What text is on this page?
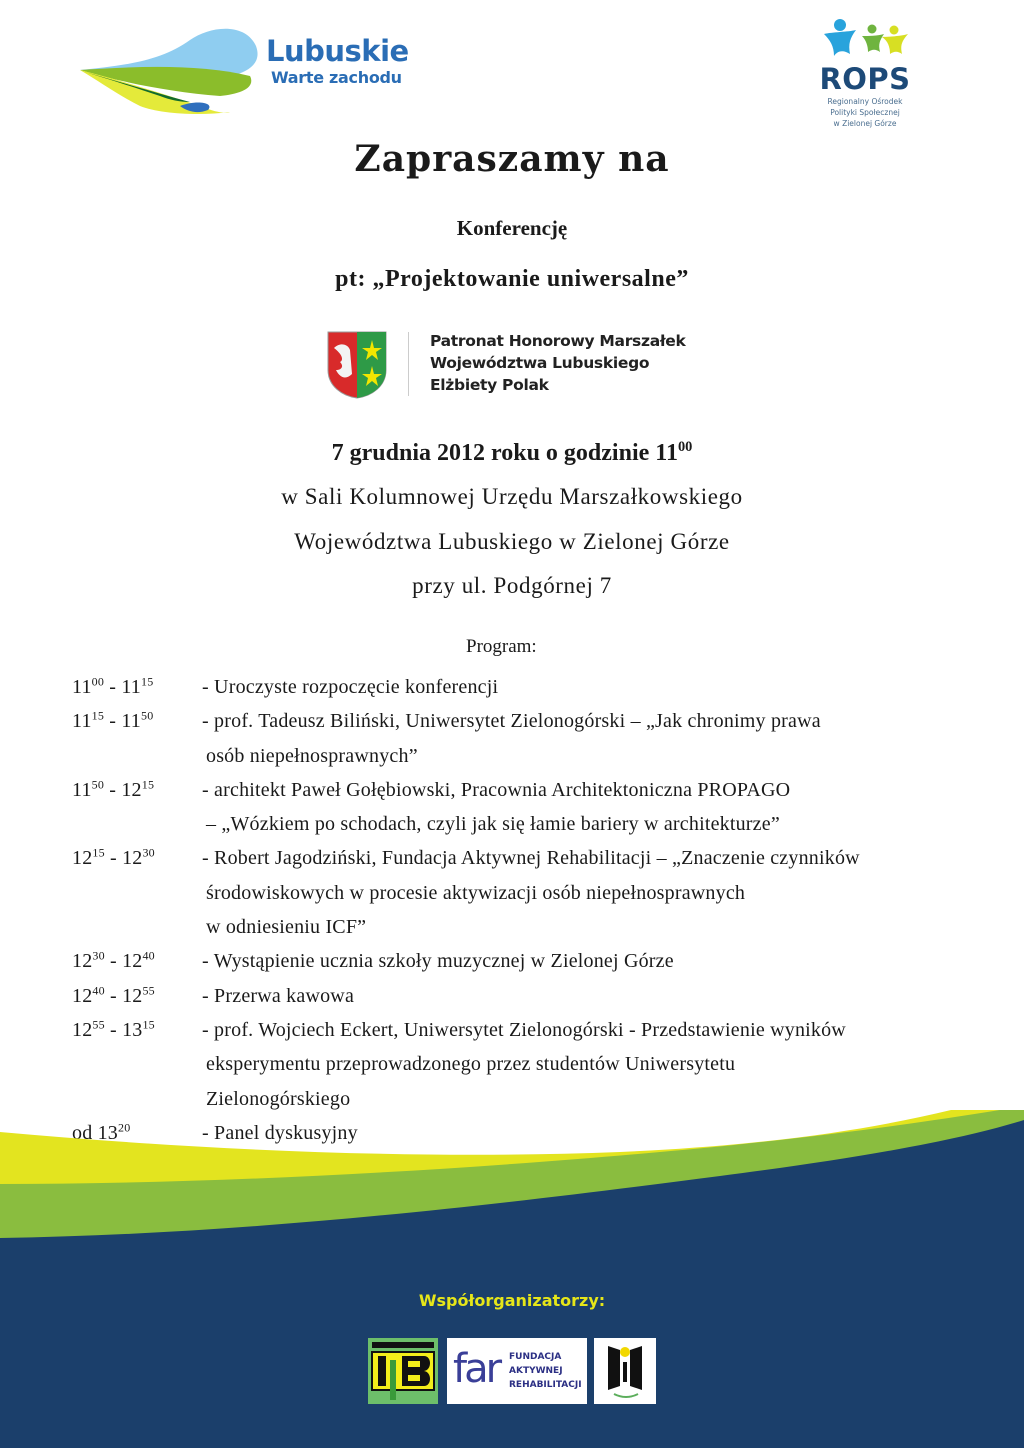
Lubuskie
Warte zachodu	ROPS
Regionalny Ośrodek
Polityki Społecznej
w Zielonej Górze
Zapraszamy na
Konferencję
pt: „Projektowanie uniwersalne”
Patronat Honorowy Marszałek
Województwa Lubuskiego
Elżbiety Polak
7 grudnia 2012 roku o godzinie $11^{00}$
w Sali Kolumnowej Urzędu Marszałkowskiego
Województwa Lubuskiego w Zielonej Górze
przy ul. Podgórnej 7
Program:
$11^{00} - 11^{15}$ - Uroczyste rozpoczęcie konferencji
$11^{15} - 11^{50}$ - prof. Tadeusz Biliński, Uniwersytet Zielonogórski – „Jak chronimy prawa
osób niepełnosprawnych”
$11^{50} - 12^{15}$ - architekt Paweł Gołębiowski, Pracownia Architektoniczna PROPAGO
– „Wózkiem po schodach, czyli jak się łamie bariery w architekturze”
$12^{15} - 12^{30}$ - Robert Jagodziński, Fundacja Aktywnej Rehabilitacji – „Znaczenie czynników
środowiskowych w procesie aktywizacji osób niepełnosprawnych
w odniesieniu ICF”
$12^{30} - 12^{40}$ - Wystąpienie ucznia szkoły muzycznej w Zielonej Górze
$12^{40} - 12^{55}$ - Przerwa kawowa
$12^{55} - 13^{15}$ - prof. Wojciech Eckert, Uniwersytet Zielonogórski - Przedstawienie wyników
eksperymentu przeprowadzonego przez studentów Uniwersytetu
Zielonogórskiego
od $13^{20}$	- Panel dyskusyjny
Współorganizatorzy:
far FUNDACJA
AKTYWNEJ
REHABILITACJI
